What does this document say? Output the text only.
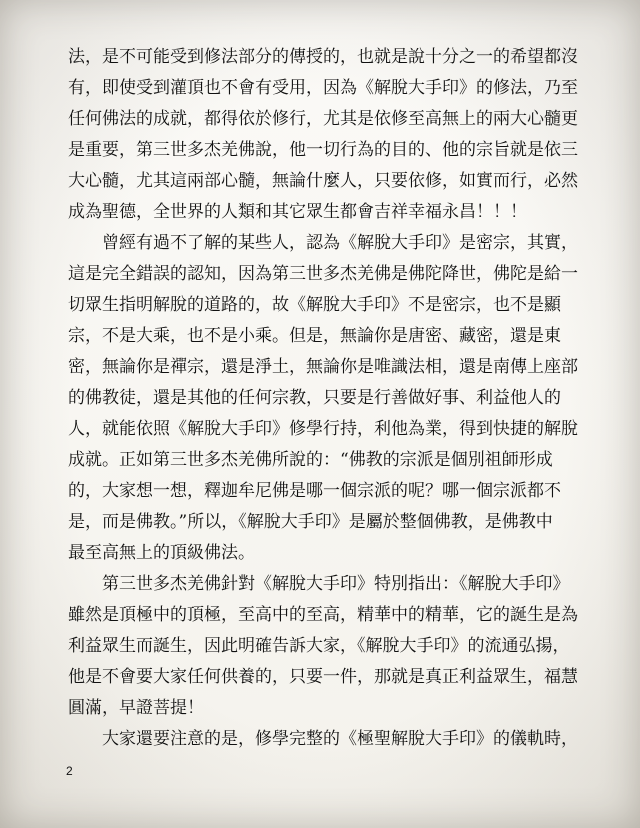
法，是不可能受到修法部分的傳授的，也就是說十分之一的希望都沒
有，即使受到灌頂也不會有受用，因為《解脫大手印》的修法，乃至
任何佛法的成就，都得依於修行，尤其是依修至高無上的兩大心髓更
是重要，第三世多杰羌佛說，他一切行為的目的、他的宗旨就是依三
大心髓，尤其這兩部心髓，無論什麼人，只要依修，如實而行，必然
成為聖德，全世界的人類和其它眾生都會吉祥幸福永昌！！！
　　曾經有過不了解的某些人，認為《解脫大手印》是密宗，其實，
這是完全錯誤的認知，因為第三世多杰羌佛是佛陀降世，佛陀是給一
切眾生指明解脫的道路的，故《解脫大手印》不是密宗，也不是顯
宗，不是大乘，也不是小乘。但是，無論你是唐密、藏密，還是東
密，無論你是禪宗，還是淨土，無論你是唯識法相，還是南傳上座部
的佛教徒，還是其他的任何宗教，只要是行善做好事、利益他人的
人，就能依照《解脫大手印》修學行持，利他為業，得到快捷的解脫
成就。正如第三世多杰羌佛所說的：“佛教的宗派是個別祖師形成
的，大家想一想，釋迦牟尼佛是哪一個宗派的呢？哪一個宗派都不
是，而是佛教。”所以，《解脫大手印》是屬於整個佛教，是佛教中
最至高無上的頂級佛法。
　　第三世多杰羌佛針對《解脫大手印》特別指出：《解脫大手印》
雖然是頂極中的頂極，至高中的至高，精華中的精華，它的誕生是為
利益眾生而誕生，因此明確告訴大家，《解脫大手印》的流通弘揚，
他是不會要大家任何供養的，只要一件，那就是真正利益眾生，福慧
圓滿，早證菩提！
　　大家還要注意的是，修學完整的《極聖解脫大手印》的儀軌時，
2
